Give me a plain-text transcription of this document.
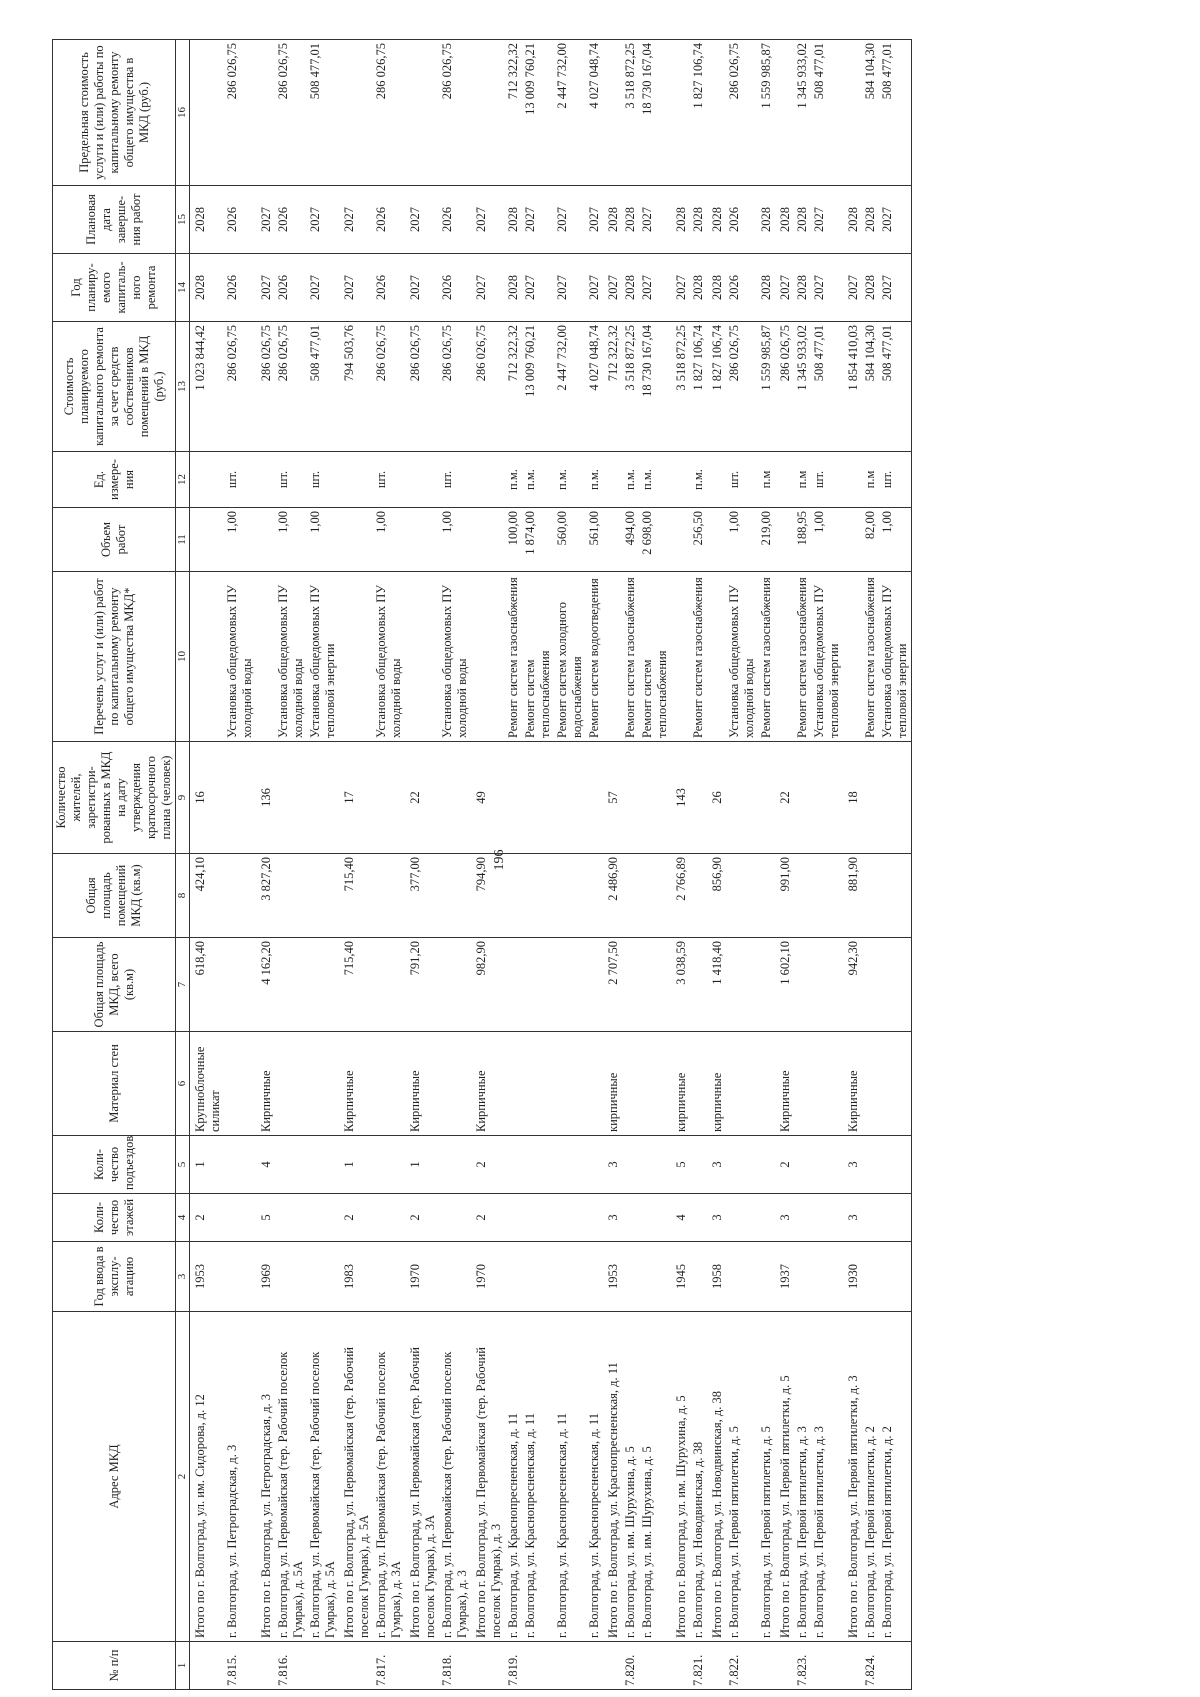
196
№ п/п	Адрес МКД	Год ввода в эксплу-атацию	Коли-чество этажей	Коли-чество подъездов	Материал стен	Общая площадь МКД, всего (кв.м)	Общая площадь помещений МКД (кв.м)	Количество жителей, зарегистри-рованных в МКД на дату утверждения краткосрочного плана (человек)	Перечень услуг и (или) работ по капитальному ремонту общего имущества МКД*	Объем работ	Ед. измере-ния	Стоимость планируемого капитального ремонта за счет средств собственников помещений в МКД (руб.)	Год планиру-емого капиталь-ного ремонта	Плановая дата заверше-ния работ	Предельная стоимость услуги и (или) работы по капитальному ремонту общего имущества в МКД (руб.)
1	2	3	4	5	6	7	8	9	10	11	12	13	14	15	16
	Итого по г. Волгоград, ул. им. Сидорова, д. 12	1953	2	1	Крупноблочные силикат	618,40	424,10	16				1 023 844,42	2028	2028	
7.815.	г. Волгоград, ул. Петроградская, д. 3								Установка общедомовых ПУ холодной воды	1,00	шт.	286 026,75	2026	2026	286 026,75
	Итого по г. Волгоград, ул. Петроградская, д. 3	1969	5	4	Кирпичные	4 162,20	3 827,20	136				286 026,75	2027	2027	
7.816.	г. Волгоград, ул. Первомайская (тер. Рабочий поселок Гумрак), д. 5А								Установка общедомовых ПУ холодной воды	1,00	шт.	286 026,75	2026	2026	286 026,75
	г. Волгоград, ул. Первомайская (тер. Рабочий поселок Гумрак), д. 5А								Установка общедомовых ПУ тепловой энергии	1,00	шт.	508 477,01	2027	2027	508 477,01
	Итого по г. Волгоград, ул. Первомайская (тер. Рабочий поселок Гумрак), д. 5А	1983	2	1	Кирпичные	715,40	715,40	17				794 503,76	2027	2027	
7.817.	г. Волгоград, ул. Первомайская (тер. Рабочий поселок Гумрак), д. 3А								Установка общедомовых ПУ холодной воды	1,00	шт.	286 026,75	2026	2026	286 026,75
	Итого по г. Волгоград, ул. Первомайская (тер. Рабочий поселок Гумрак), д. 3А	1970	2	1	Кирпичные	791,20	377,00	22				286 026,75	2027	2027	
7.818.	г. Волгоград, ул. Первомайская (тер. Рабочий поселок Гумрак), д. 3								Установка общедомовых ПУ холодной воды	1,00	шт.	286 026,75	2026	2026	286 026,75
	Итого по г. Волгоград, ул. Первомайская (тер. Рабочий поселок Гумрак), д. 3	1970	2	2	Кирпичные	982,90	794,90	49				286 026,75	2027	2027	
7.819.	г. Волгоград, ул. Краснопресненская, д. 11								Ремонт систем газоснабжения	100,00	п.м.	712 322,32	2028	2028	712 322,32
	г. Волгоград, ул. Краснопресненская, д. 11								Ремонт систем теплоснабжения	1 874,00	п.м.	13 009 760,21	2027	2027	13 009 760,21
	г. Волгоград, ул. Краснопресненская, д. 11								Ремонт систем холодного водоснабжения	560,00	п.м.	2 447 732,00	2027	2027	2 447 732,00
	г. Волгоград, ул. Краснопресненская, д. 11								Ремонт систем водоотведения	561,00	п.м.	4 027 048,74	2027	2027	4 027 048,74
	Итого по г. Волгоград, ул. Краснопресненская, д. 11	1953	3	3	кирпичные	2 707,50	2 486,90	57				712 322,32	2027	2028	
7.820.	г. Волгоград, ул. им. Шурухина, д. 5								Ремонт систем газоснабжения	494,00	п.м.	3 518 872,25	2028	2028	3 518 872,25
	г. Волгоград, ул. им. Шурухина, д. 5								Ремонт систем теплоснабжения	2 698,00	п.м.	18 730 167,04	2027	2027	18 730 167,04
	Итого по г. Волгоград, ул. им. Шурухина, д. 5	1945	4	5	кирпичные	3 038,59	2 766,89	143				3 518 872,25	2027	2028	
7.821.	г. Волгоград, ул. Новодвинская, д. 38								Ремонт систем газоснабжения	256,50	п.м.	1 827 106,74	2028	2028	1 827 106,74
	Итого по г. Волгоград, ул. Новодвинская, д. 38	1958	3	3	кирпичные	1 418,40	856,90	26				1 827 106,74	2028	2028	
7.822.	г. Волгоград, ул. Первой пятилетки, д. 5								Установка общедомовых ПУ холодной воды	1,00	шт.	286 026,75	2026	2026	286 026,75
	г. Волгоград, ул. Первой пятилетки, д. 5								Ремонт систем газоснабжения	219,00	п.м	1 559 985,87	2028	2028	1 559 985,87
	Итого по г. Волгоград, ул. Первой пятилетки, д. 5	1937	3	2	Кирпичные	1 602,10	991,00	22				286 026,75	2027	2028	
7.823.	г. Волгоград, ул. Первой пятилетки, д. 3								Ремонт систем газоснабжения	188,95	п.м	1 345 933,02	2028	2028	1 345 933,02
	г. Волгоград, ул. Первой пятилетки, д. 3								Установка общедомовых ПУ тепловой энергии	1,00	шт.	508 477,01	2027	2027	508 477,01
	Итого по г. Волгоград, ул. Первой пятилетки, д. 3	1930	3	3	Кирпичные	942,30	881,90	18				1 854 410,03	2027	2028	
7.824.	г. Волгоград, ул. Первой пятилетки, д. 2								Ремонт систем газоснабжения	82,00	п.м	584 104,30	2028	2028	584 104,30
	г. Волгоград, ул. Первой пятилетки, д. 2								Установка общедомовых ПУ тепловой энергии	1,00	шт.	508 477,01	2027	2027	508 477,01
